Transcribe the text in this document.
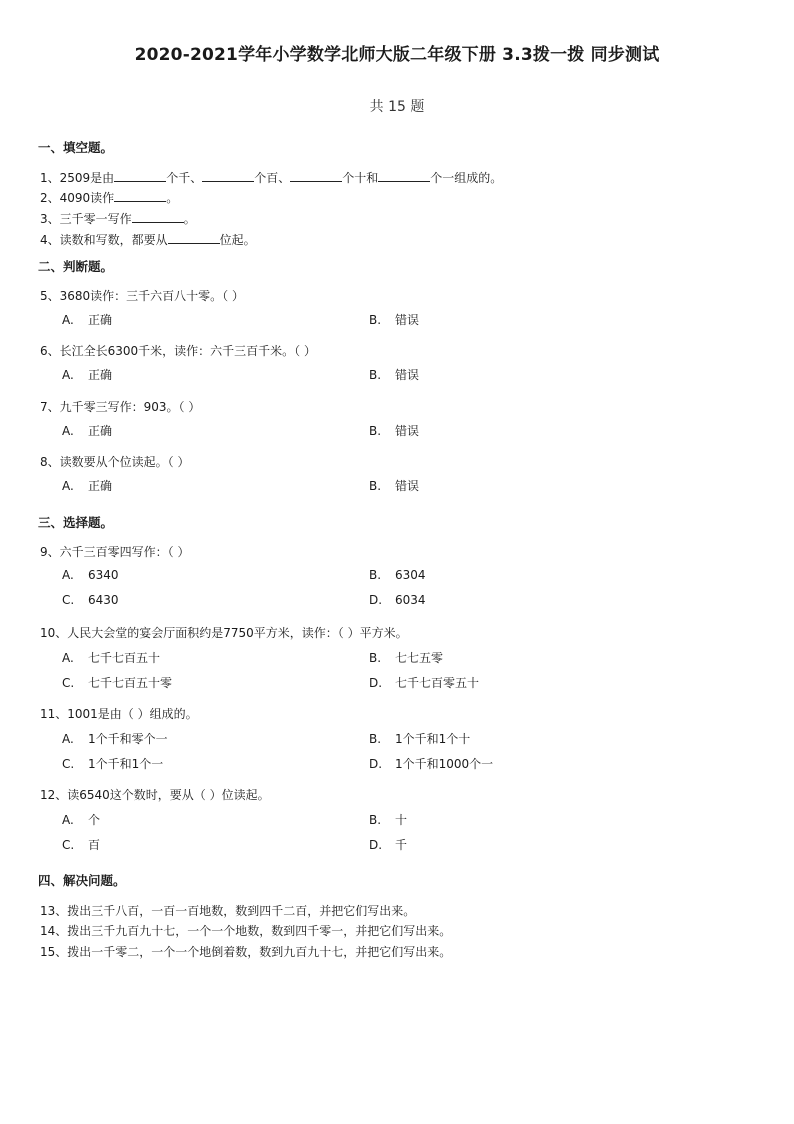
2020-2021学年小学数学北师大版二年级下册 3.3拨一拨 同步测试
共 15 题
一、填空题。
1、2509是由	个千、	个百、	个十和	个一组成的。
2、4090读作	。
3、三千零一写作	。
4、读数和写数，都要从	位起。
二、判断题。
5、3680读作：三千六百八十零。（ ）
A. 正确	B. 错误
6、长江全长6300千米，读作：六千三百千米。（ ）
A. 正确	B. 错误
7、九千零三写作：903。（ ）
A. 正确	B. 错误
8、读数要从个位读起。（ ）
A. 正确	B. 错误
三、选择题。
9、六千三百零四写作：（ ）
A. 6340	B. 6304
C. 6430	D. 6034
10、人民大会堂的宴会厅面积约是7750平方米，读作：（ ）平方米。
A. 七千七百五十	B. 七七五零
C. 七千七百五十零	D. 七千七百零五十
11、1001是由（ ）组成的。
A. 1个千和零个一	B. 1个千和1个十
C. 1个千和1个一	D. 1个千和1000个一
12、读6540这个数时，要从（ ）位读起。
A. 个	B. 十
C. 百	D. 千
四、解决问题。
13、拨出三千八百，一百一百地数，数到四千二百，并把它们写出来。
14、拨出三千九百九十七，一个一个地数，数到四千零一，并把它们写出来。
15、拨出一千零二，一个一个地倒着数，数到九百九十七，并把它们写出来。
